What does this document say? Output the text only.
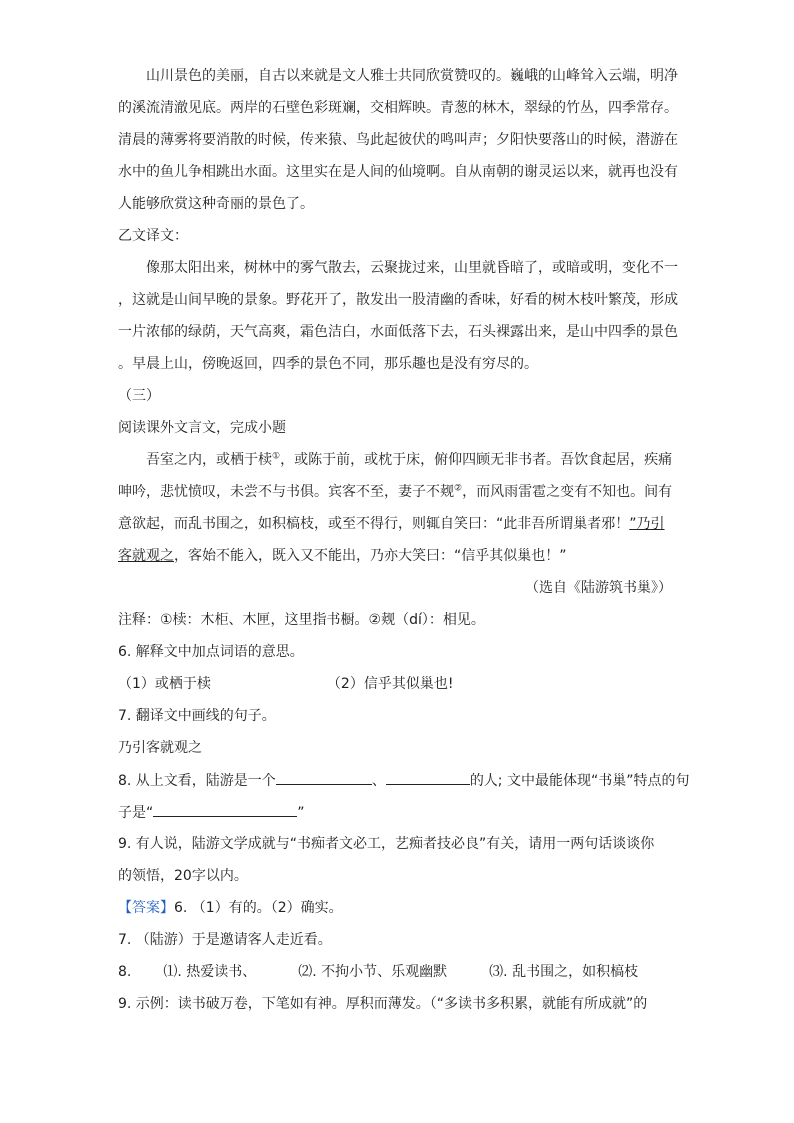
山川景色的美丽，自古以来就是文人雅士共同欣赏赞叹的。巍峨的山峰耸入云端，明净
的溪流清澈见底。两岸的石壁色彩斑斓，交相辉映。青葱的林木，翠绿的竹丛，四季常存。
清晨的薄雾将要消散的时候，传来猿、鸟此起彼伏的鸣叫声；夕阳快要落山的时候，潜游在
水中的鱼儿争相跳出水面。这里实在是人间的仙境啊。自从南朝的谢灵运以来，就再也没有
人能够欣赏这种奇丽的景色了。
乙文译文：
像那太阳出来，树林中的雾气散去，云聚拢过来，山里就昏暗了，或暗或明，变化不一
，这就是山间早晚的景象。野花开了，散发出一股清幽的香味，好看的树木枝叶繁茂，形成
一片浓郁的绿荫，天气高爽，霜色洁白，水面低落下去，石头裸露出来，是山中四季的景色
。早晨上山，傍晚返回，四季的景色不同，那乐趣也是没有穷尽的。
（三）
阅读课外文言文，完成小题
吾室之内，或栖于椟①，或陈于前，或枕于床，俯仰四顾无非书者。吾饮食起居，疾痛
呻吟，悲忧愤叹，未尝不与书俱。宾客不至，妻子不觌②，而风雨雷雹之变有不知也。间有
意欲起，而乱书围之，如积槁枝，或至不得行，则辄自笑曰：“此非吾所谓巢者邪！”乃引
客就观之，客始不能入，既入又不能出，乃亦大笑曰：“信乎其似巢也！”
（选自《陆游筑书巢》）
注释：①椟：木柜、木匣，这里指书橱。②觌（dí）：相见。
6. 解释文中加点词语的意思。
（1）或栖于椟	（2）信乎其似巢也!
7. 翻译文中画线的句子。
乃引客就观之
8. 从上文看，陆游是一个	、	的人; 文中最能体现“书巢”特点的句
子是“	”
9. 有人说，陆游文学成就与“书痴者文必工，艺痴者技必良”有关，请用一两句话谈谈你
的领悟，20字以内。
【答案】6. （1）有的。（2）确实。
7. （陆游）于是邀请客人走近看。
8. ⑴. 热爱读书、	⑵. 不拘小节、乐观幽默	⑶. 乱书围之，如积槁枝
9. 示例：读书破万卷，下笔如有神。厚积而薄发。（“多读书多积累，就能有所成就”的
